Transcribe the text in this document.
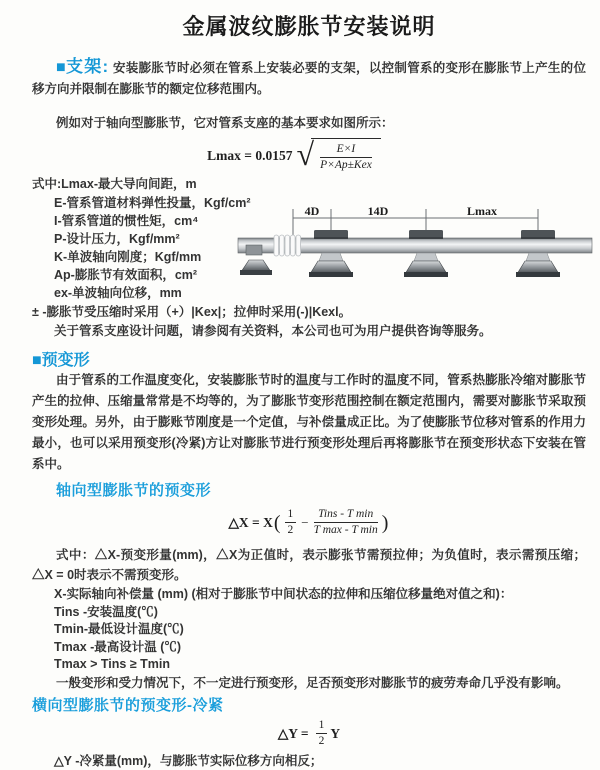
金属波纹膨胀节安装说明

■支架: 安装膨胀节时必须在管系上安装必要的支架，以控制管系的变形在膨胀节上产生的位移方向并限制在膨胀节的额定位移范围内。

例如对于轴向型膨胀节，它对管系支座的基本要求如图所示：

Lmax = 0.0157 √ $\frac{E\times I}{\text{P×Ap±Kex}}$
式中:Lmax-最大导向间距，m
E-管系管道材料弹性投量，Kgf/cm²
I-管系管道的惯性矩，cm⁴
P-设计压力，Kgf/mm²
K-单波轴向刚度；Kgf/mm
Ap-膨胀节有效面积，cm²
ex-单波轴向位移，mm
4D	14D	Lmax
± -膨胀节受压缩时采用（+）|Kex|；拉伸时采用(-)|Kexl。
关于管系支座设计问题，请参阅有关资料，本公司也可为用户提供咨询等服务。
■预变形

由于管系的工作温度变化，安装膨胀节时的温度与工作时的温度不同，管系热膨胀冷缩对膨胀节产生的拉伸、压缩量常常是不均等的，为了膨胀节变形范围控制在额定范围内，需要对膨胀节采取预变形处理。另外，由于膨账节刚度是一个定值，与补偿量成正比。为了使膨胀节位移对管系的作用力最小，也可以采用预变形(冷紧)方让对膨胀节进行预变形处理后再将膨胀节在预变形状态下安装在管系中。

轴向型膨胀节的预变形
△X = $X( \frac{1}{2} - \frac{\text{Tins - T min}}{\text{T max - T min}}$ )

式中：△X-预变形量(mm)，△X为正值时，表示膨张节需预拉伸；为负值时，表示需预压缩；△X = 0时表示不需预变形。

X-实际轴向补偿量 (mm) (相对于膨胀节中间状态的拉伸和压缩位移量绝对值之和)：
Tins -安装温度(℃)
Tmin-最低设计温度(℃)
Tmax -最高设计温 (℃)
Tmax > Tins ≥ Tmin
一般变形和受力情况下，不一定进行预变形，足否预变形对膨胀节的疲劳寿命几乎没有影响。
横向型膨胀节的预变形-冷紧
△Y = $\frac{1}{2}$ Y
△Y -冷紧量(mm)，与膨胀节实际位移方向相反；
